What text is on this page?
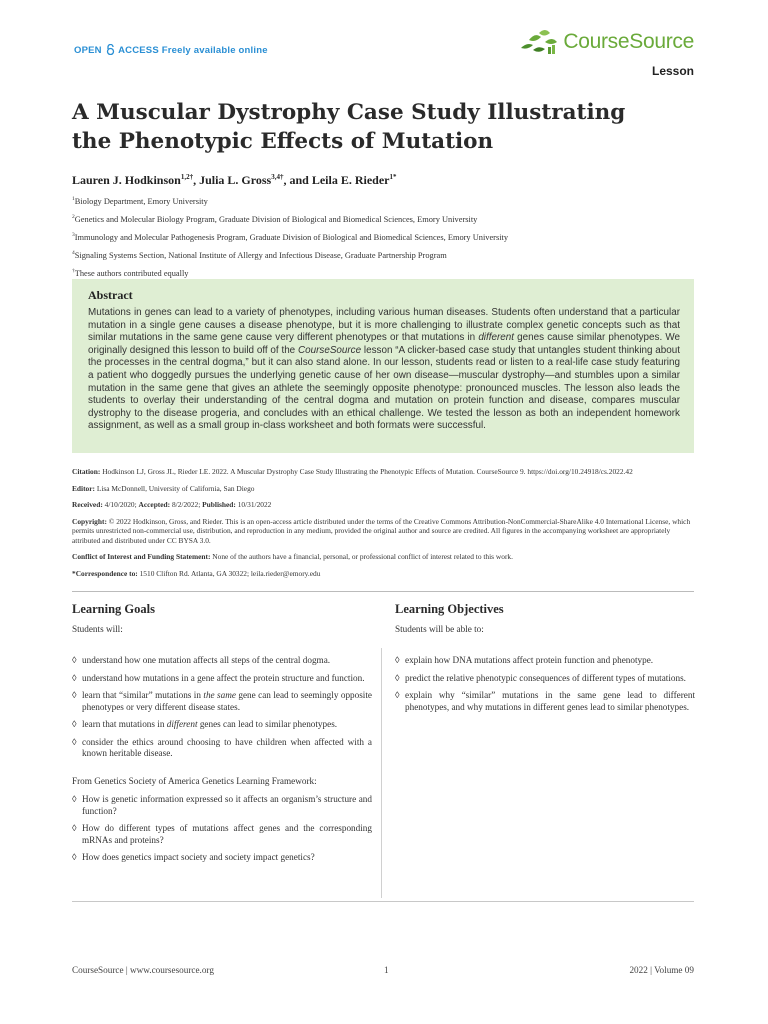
OPEN ACCESS Freely available online	CourseSource
Lesson
A Muscular Dystrophy Case Study Illustrating the Phenotypic Effects of Mutation
Lauren J. Hodkinson$^{1,2\dagger}$, Julia L. Gross$^{3,4\dagger}$, and Leila E. Rieder$^{1*}$
$^1$Biology Department, Emory University
$^2$Genetics and Molecular Biology Program, Graduate Division of Biological and Biomedical Sciences, Emory University
$^3$Immunology and Molecular Pathogenesis Program, Graduate Division of Biological and Biomedical Sciences, Emory University
$^4$Signaling Systems Section, National Institute of Allergy and Infectious Disease, Graduate Partnership Program
†These authors contributed equally
Abstract

Mutations in genes can lead to a variety of phenotypes, including various human diseases. Students often understand that a particular mutation in a single gene causes a disease phenotype, but it is more challenging to illustrate complex genetic concepts such as that similar mutations in the same gene cause very different phenotypes or that mutations in different genes cause similar phenotypes. We originally designed this lesson to build off of the CourseSource lesson “A clicker-based case study that untangles student thinking about the processes in the central dogma,” but it can also stand alone. In our lesson, students read or listen to a real-life case study featuring a patient who doggedly pursues the underlying genetic cause of her own disease—muscular dystrophy—and stumbles upon a similar mutation in the same gene that gives an athlete the seemingly opposite phenotype: pronounced muscles. The lesson also leads the students to overlay their understanding of the central dogma and mutation on protein function and disease, compares muscular dystrophy to the disease progeria, and concludes with an ethical challenge. We tested the lesson as both an independent homework assignment, as well as a small group in-class worksheet and both formats were successful.

Citation: Hodkinson LJ, Gross JL, Rieder LE. 2022. A Muscular Dystrophy Case Study Illustrating the Phenotypic Effects of Mutation. CourseSource 9. https://doi.org/10.24918/cs.2022.42
Editor: Lisa McDonnell, University of California, San Diego
Received: 4/10/2020; Accepted: 8/2/2022; Published: 10/31/2022
Copyright: © 2022 Hodkinson, Gross, and Rieder. This is an open-access article distributed under the terms of the Creative Commons Attribution-NonCommercial-ShareAlike 4.0 International License, which permits unrestricted non-commercial use, distribution, and reproduction in any medium, provided the original author and source are credited. All figures in the accompanying worksheet are appropriately attributed and distributed under CC BYSA 3.0.
Conflict of Interest and Funding Statement: None of the authors have a financial, personal, or professional conflict of interest related to this work.
*Correspondence to: 1510 Clifton Rd. Atlanta, GA 30322; leila.rieder@emory.edu
Learning Goals
Students will:
◊ understand how one mutation affects all steps of the central dogma.
◊ understand how mutations in a gene affect the protein structure and function.
◊ learn that “similar” mutations in the same gene can lead to seemingly opposite phenotypes or very different disease states.
◊ learn that mutations in different genes can lead to similar phenotypes.
◊ consider the ethics around choosing to have children when affected with a known heritable disease.
From Genetics Society of America Genetics Learning Framework:
◊ How is genetic information expressed so it affects an organism’s structure and function?
◊ How do different types of mutations affect genes and the corresponding mRNAs and proteins?
◊ How does genetics impact society and society impact genetics?
Learning Objectives
Students will be able to:
◊ explain how DNA mutations affect protein function and phenotype.
◊ predict the relative phenotypic consequences of different types of mutations.
◊ explain why “similar” mutations in the same gene lead to different phenotypes, and why mutations in different genes lead to similar phenotypes.
CourseSource | www.coursesource.org	1	2022 | Volume 09
